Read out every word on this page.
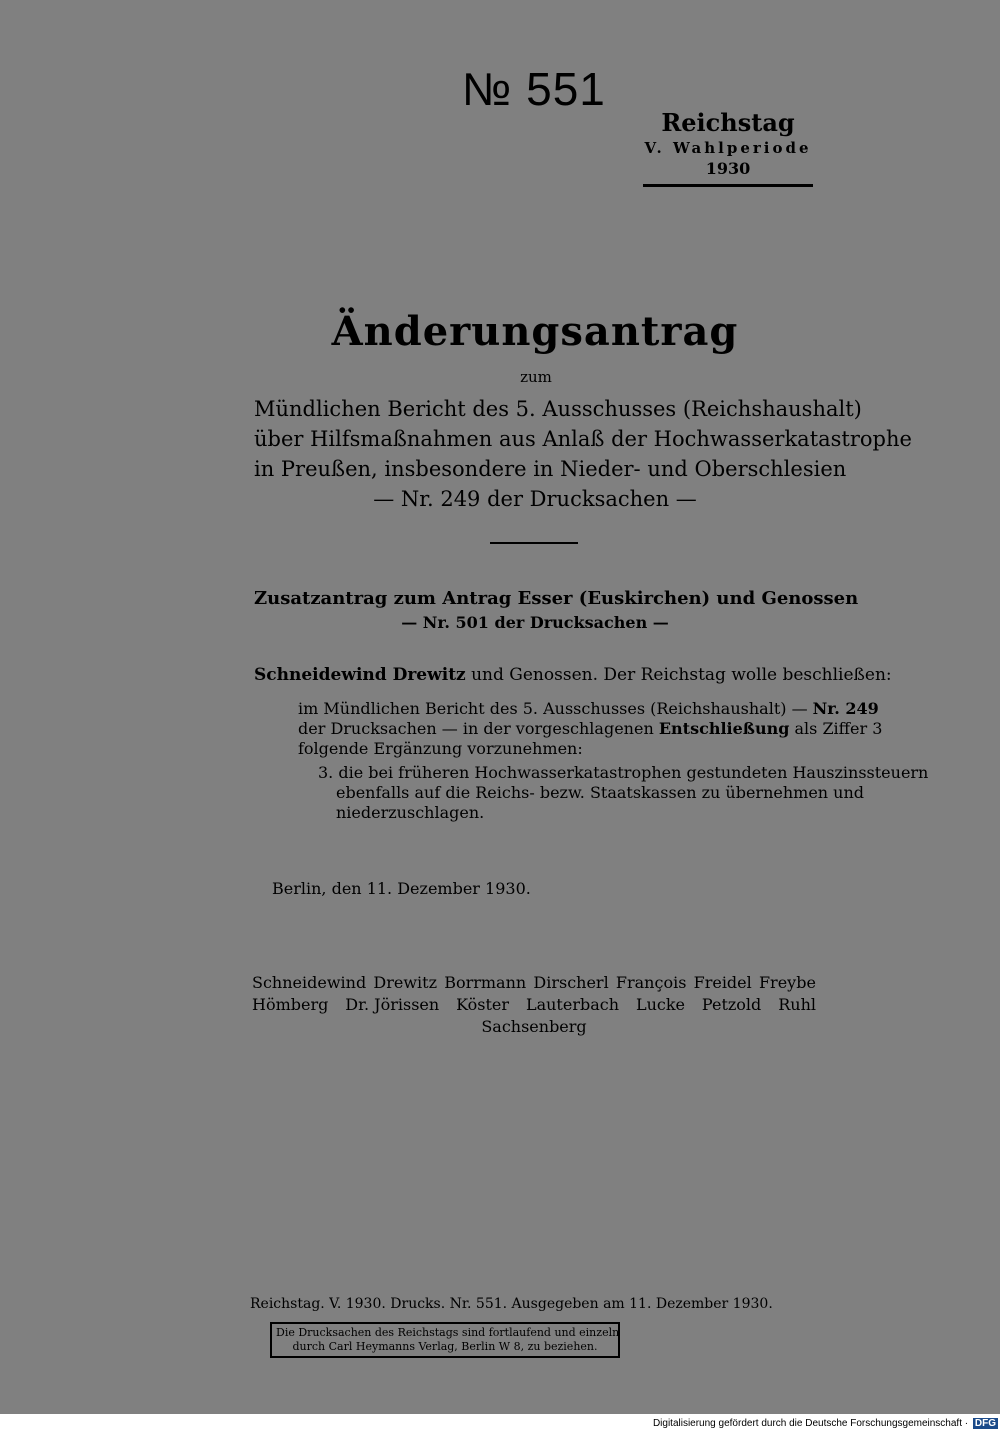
№ 551
Reichstag
V. Wahlperiode
1930
Änderungsantrag
zum
Mündlichen Bericht des 5. Ausschusses (Reichshaushalt)
über Hilfsmaßnahmen aus Anlaß der Hochwasserkatastrophe
in Preußen, insbesondere in Nieder- und Oberschlesien
— Nr. 249 der Drucksachen —
Zusatzantrag zum Antrag Esser (Euskirchen) und Genossen
— Nr. 501 der Drucksachen —
Schneidewind Drewitz und Genossen. Der Reichstag wolle beschließen:
im Mündlichen Bericht des 5. Ausschusses (Reichshaushalt) — Nr. 249
der Drucksachen — in der vorgeschlagenen Entschließung als Ziffer 3
folgende Ergänzung vorzunehmen:
3. die bei früheren Hochwasserkatastrophen gestundeten Hauszinssteuern
ebenfalls auf die Reichs- bezw. Staatskassen zu übernehmen und
niederzuschlagen.
Berlin, den 11. Dezember 1930.
Schneidewind Drewitz Borrmann Dirscherl François Freidel Freybe
Hömberg Dr. Jörissen Köster Lauterbach Lucke Petzold Ruhl
Sachsenberg
Reichstag. V. 1930. Drucks. Nr. 551. Ausgegeben am 11. Dezember 1930.
Die Drucksachen des Reichstags sind fortlaufend und einzeln
durch Carl Heymanns Verlag, Berlin W 8, zu beziehen.
Digitalisierung gefördert durch die Deutsche Forschungsgemeinschaft · DFG
